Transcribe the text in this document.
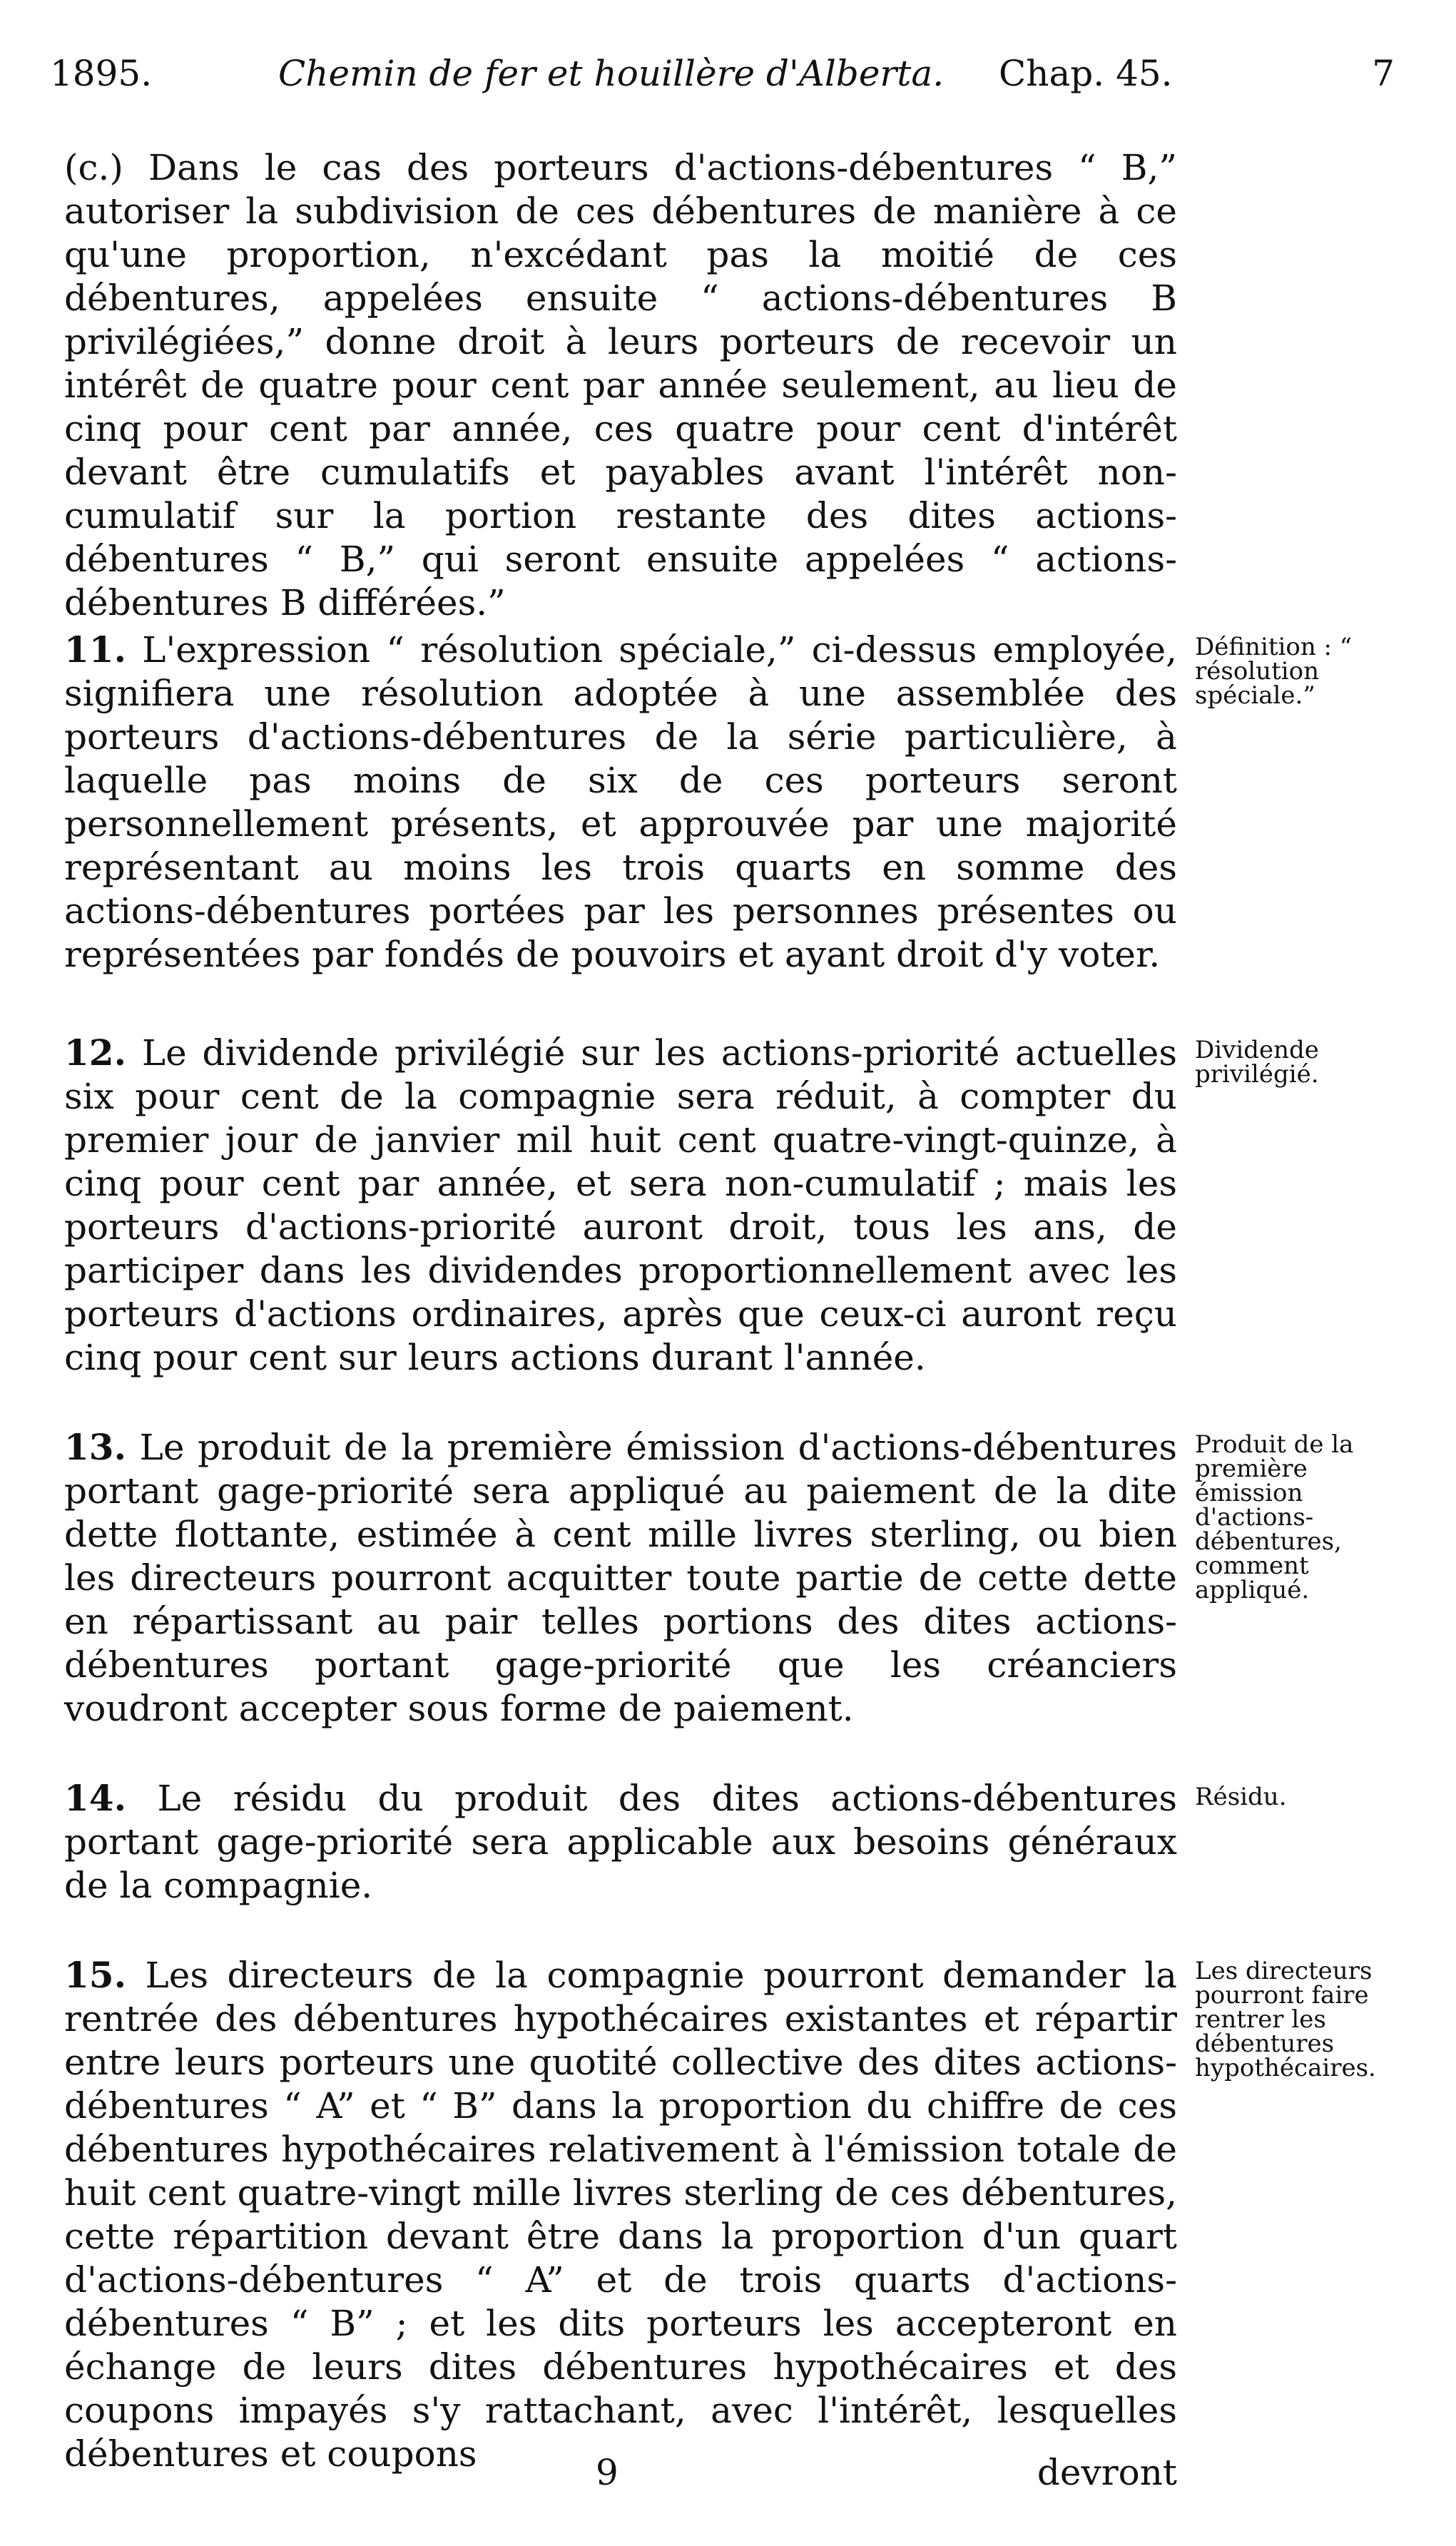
1895.	Chemin de fer et houillère d'Alberta. Chap. 45.	7

(c.) Dans le cas des porteurs d'actions-débentures “ B,” autoriser la subdivision de ces débentures de manière à ce qu'une proportion, n'excédant pas la moitié de ces débentures, appelées ensuite “ actions-débentures B privilégiées,” donne droit à leurs porteurs de recevoir un intérêt de quatre pour cent par année seulement, au lieu de cinq pour cent par année, ces quatre pour cent d'intérêt devant être cumulatifs et payables avant l'intérêt non-cumulatif sur la portion restante des dites actions-débentures “ B,” qui seront ensuite appelées “ actions-débentures B différées.”

11. L'expression “ résolution spéciale,” ci-dessus employée, signifiera une résolution adoptée à une assemblée des porteurs d'actions-débentures de la série particulière, à laquelle pas moins de six de ces porteurs seront personnellement présents, et approuvée par une majorité représentant au moins les trois quarts en somme des actions-débentures portées par les personnes présentes ou représentées par fondés de pouvoirs et ayant droit d'y voter.

Définition : “ résolution spéciale.”

12. Le dividende privilégié sur les actions-priorité actuelles six pour cent de la compagnie sera réduit, à compter du premier jour de janvier mil huit cent quatre-vingt-quinze, à cinq pour cent par année, et sera non-cumulatif ; mais les porteurs d'actions-priorité auront droit, tous les ans, de participer dans les dividendes proportionnellement avec les porteurs d'actions ordinaires, après que ceux-ci auront reçu cinq pour cent sur leurs actions durant l'année.

Dividende privilégié.

13. Le produit de la première émission d'actions-débentures portant gage-priorité sera appliqué au paiement de la dite dette flottante, estimée à cent mille livres sterling, ou bien les directeurs pourront acquitter toute partie de cette dette en répartissant au pair telles portions des dites actions-débentures portant gage-priorité que les créanciers voudront accepter sous forme de paiement.

Produit de la première émission d'actions-débentures, comment appliqué.

14. Le résidu du produit des dites actions-débentures portant gage-priorité sera applicable aux besoins généraux de la compagnie.

Résidu.

15. Les directeurs de la compagnie pourront demander la rentrée des débentures hypothécaires existantes et répartir entre leurs porteurs une quotité collective des dites actions-débentures “ A” et “ B” dans la proportion du chiffre de ces débentures hypothécaires relativement à l'émission totale de huit cent quatre-vingt mille livres sterling de ces débentures, cette répartition devant être dans la proportion d'un quart d'actions-débentures “ A” et de trois quarts d'actions-débentures “ B” ; et les dits porteurs les accepteront en échange de leurs dites débentures hypothécaires et des coupons impayés s'y rattachant, avec l'intérêt, lesquelles débentures et coupons

Les directeurs pourront faire rentrer les débentures hypothécaires.

9	devront
